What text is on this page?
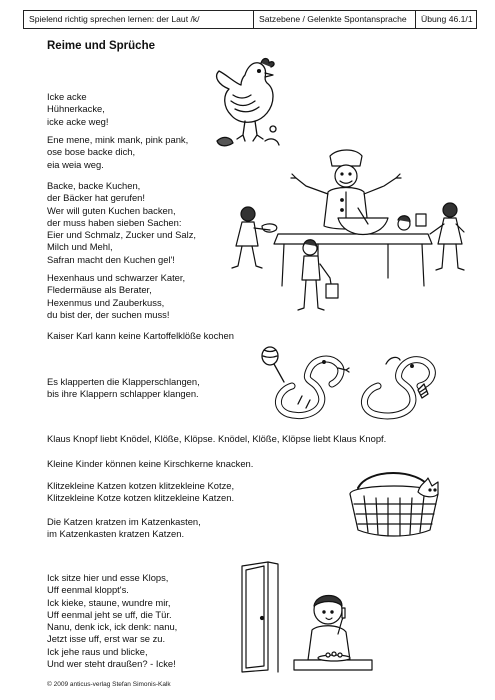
Spielend richtig sprechen lernen: der Laut /k/	Satzebene / Gelenkte Spontansprache	Übung 46.1/1
Reime und Sprüche
Icke acke
Hühnerkacke,
icke acke weg!
Ene mene, mink mank, pink pank,
ose bose backe dich,
eia weia weg.
Backe, backe Kuchen,
der Bäcker hat gerufen!
Wer will guten Kuchen backen,
der muss haben sieben Sachen:
Eier und Schmalz, Zucker und Salz,
Milch und Mehl,
Safran macht den Kuchen gel'!
Hexenhaus und schwarzer Kater,
Fledermäuse als Berater,
Hexenmus und Zauberkuss,
du bist der, der suchen muss!
Kaiser Karl kann keine Kartoffelklöße kochen
Es klapperten die Klapperschlangen,
bis ihre Klappern schlapper klangen.
Klaus Knopf liebt Knödel, Klöße, Klöpse. Knödel, Klöße, Klöpse liebt Klaus Knopf.
Kleine Kinder können keine Kirschkerne knacken.
Klitzekleine Katzen kotzen klitzekleine Kotze,
Klitzekleine Kotze kotzen klitzekleine Katzen.
Die Katzen kratzen im Katzenkasten,
im Katzenkasten kratzen Katzen.
Ick sitze hier und esse Klops,
Uff eenmal kloppt's.
Ick kieke, staune, wundre mir,
Uff eenmal jeht se uff, die Tür.
Nanu, denk ick, ick denk: nanu,
Jetzt isse uff, erst war se zu.
Ick jehe raus und blicke,
Und wer steht draußen? - Icke!
© 2009 anticus-verlag Stefan Simonis-Kalk
